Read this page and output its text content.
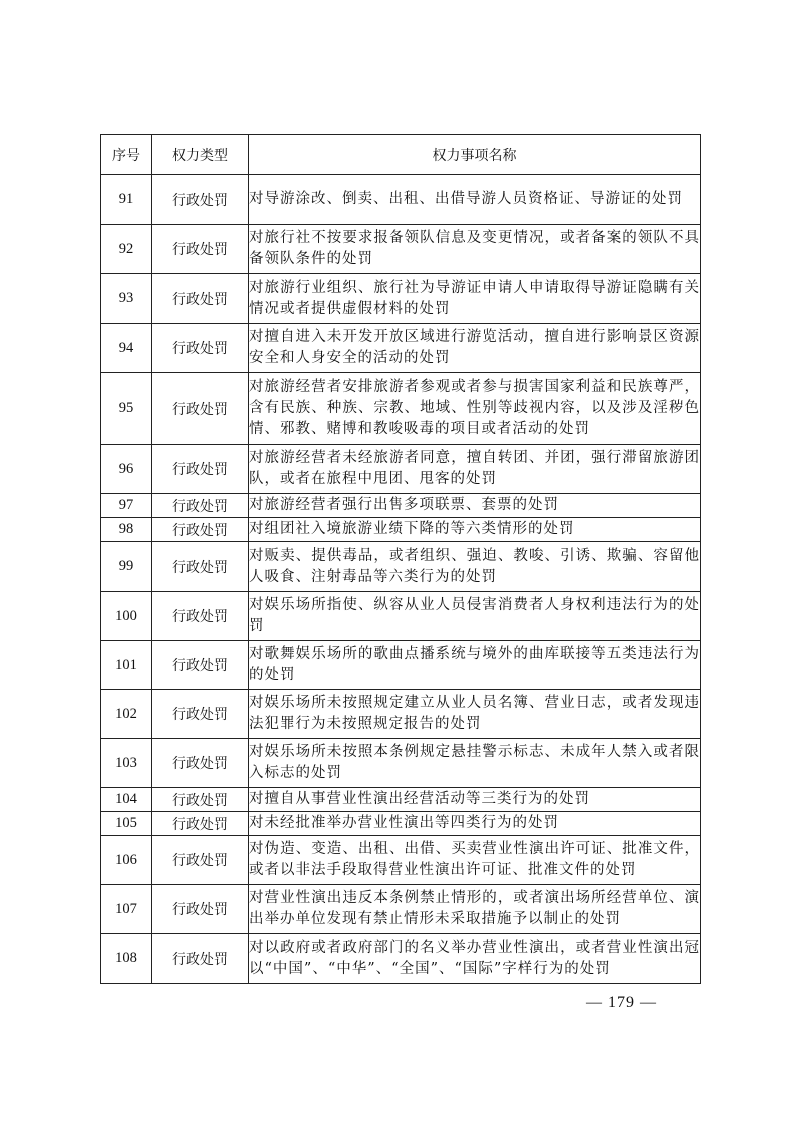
序号	权力类型	权力事项名称
91	行政处罚	对导游涂改、倒卖、出租、出借导游人员资格证、导游证的处罚
92	行政处罚	对旅行社不按要求报备领队信息及变更情况，或者备案的领队不具备领队条件的处罚
93	行政处罚	对旅游行业组织、旅行社为导游证申请人申请取得导游证隐瞒有关情况或者提供虚假材料的处罚
94	行政处罚	对擅自进入未开发开放区域进行游览活动，擅自进行影响景区资源安全和人身安全的活动的处罚
95	行政处罚	对旅游经营者安排旅游者参观或者参与损害国家利益和民族尊严，含有民族、种族、宗教、地域、性别等歧视内容，以及涉及淫秽色情、邪教、赌博和教唆吸毒的项目或者活动的处罚
96	行政处罚	对旅游经营者未经旅游者同意，擅自转团、并团，强行滞留旅游团队，或者在旅程中甩团、甩客的处罚
97	行政处罚	对旅游经营者强行出售多项联票、套票的处罚
98	行政处罚	对组团社入境旅游业绩下降的等六类情形的处罚
99	行政处罚	对贩卖、提供毒品，或者组织、强迫、教唆、引诱、欺骗、容留他人吸食、注射毒品等六类行为的处罚
100	行政处罚	对娱乐场所指使、纵容从业人员侵害消费者人身权利违法行为的处罚
101	行政处罚	对歌舞娱乐场所的歌曲点播系统与境外的曲库联接等五类违法行为的处罚
102	行政处罚	对娱乐场所未按照规定建立从业人员名簿、营业日志，或者发现违法犯罪行为未按照规定报告的处罚
103	行政处罚	对娱乐场所未按照本条例规定悬挂警示标志、未成年人禁入或者限入标志的处罚
104	行政处罚	对擅自从事营业性演出经营活动等三类行为的处罚
105	行政处罚	对未经批准举办营业性演出等四类行为的处罚
106	行政处罚	对伪造、变造、出租、出借、买卖营业性演出许可证、批准文件，或者以非法手段取得营业性演出许可证、批准文件的处罚
107	行政处罚	对营业性演出违反本条例禁止情形的，或者演出场所经营单位、演出举办单位发现有禁止情形未采取措施予以制止的处罚
108	行政处罚	对以政府或者政府部门的名义举办营业性演出，或者营业性演出冠以“中国”、“中华”、“全国”、“国际”字样行为的处罚
— 179 —
